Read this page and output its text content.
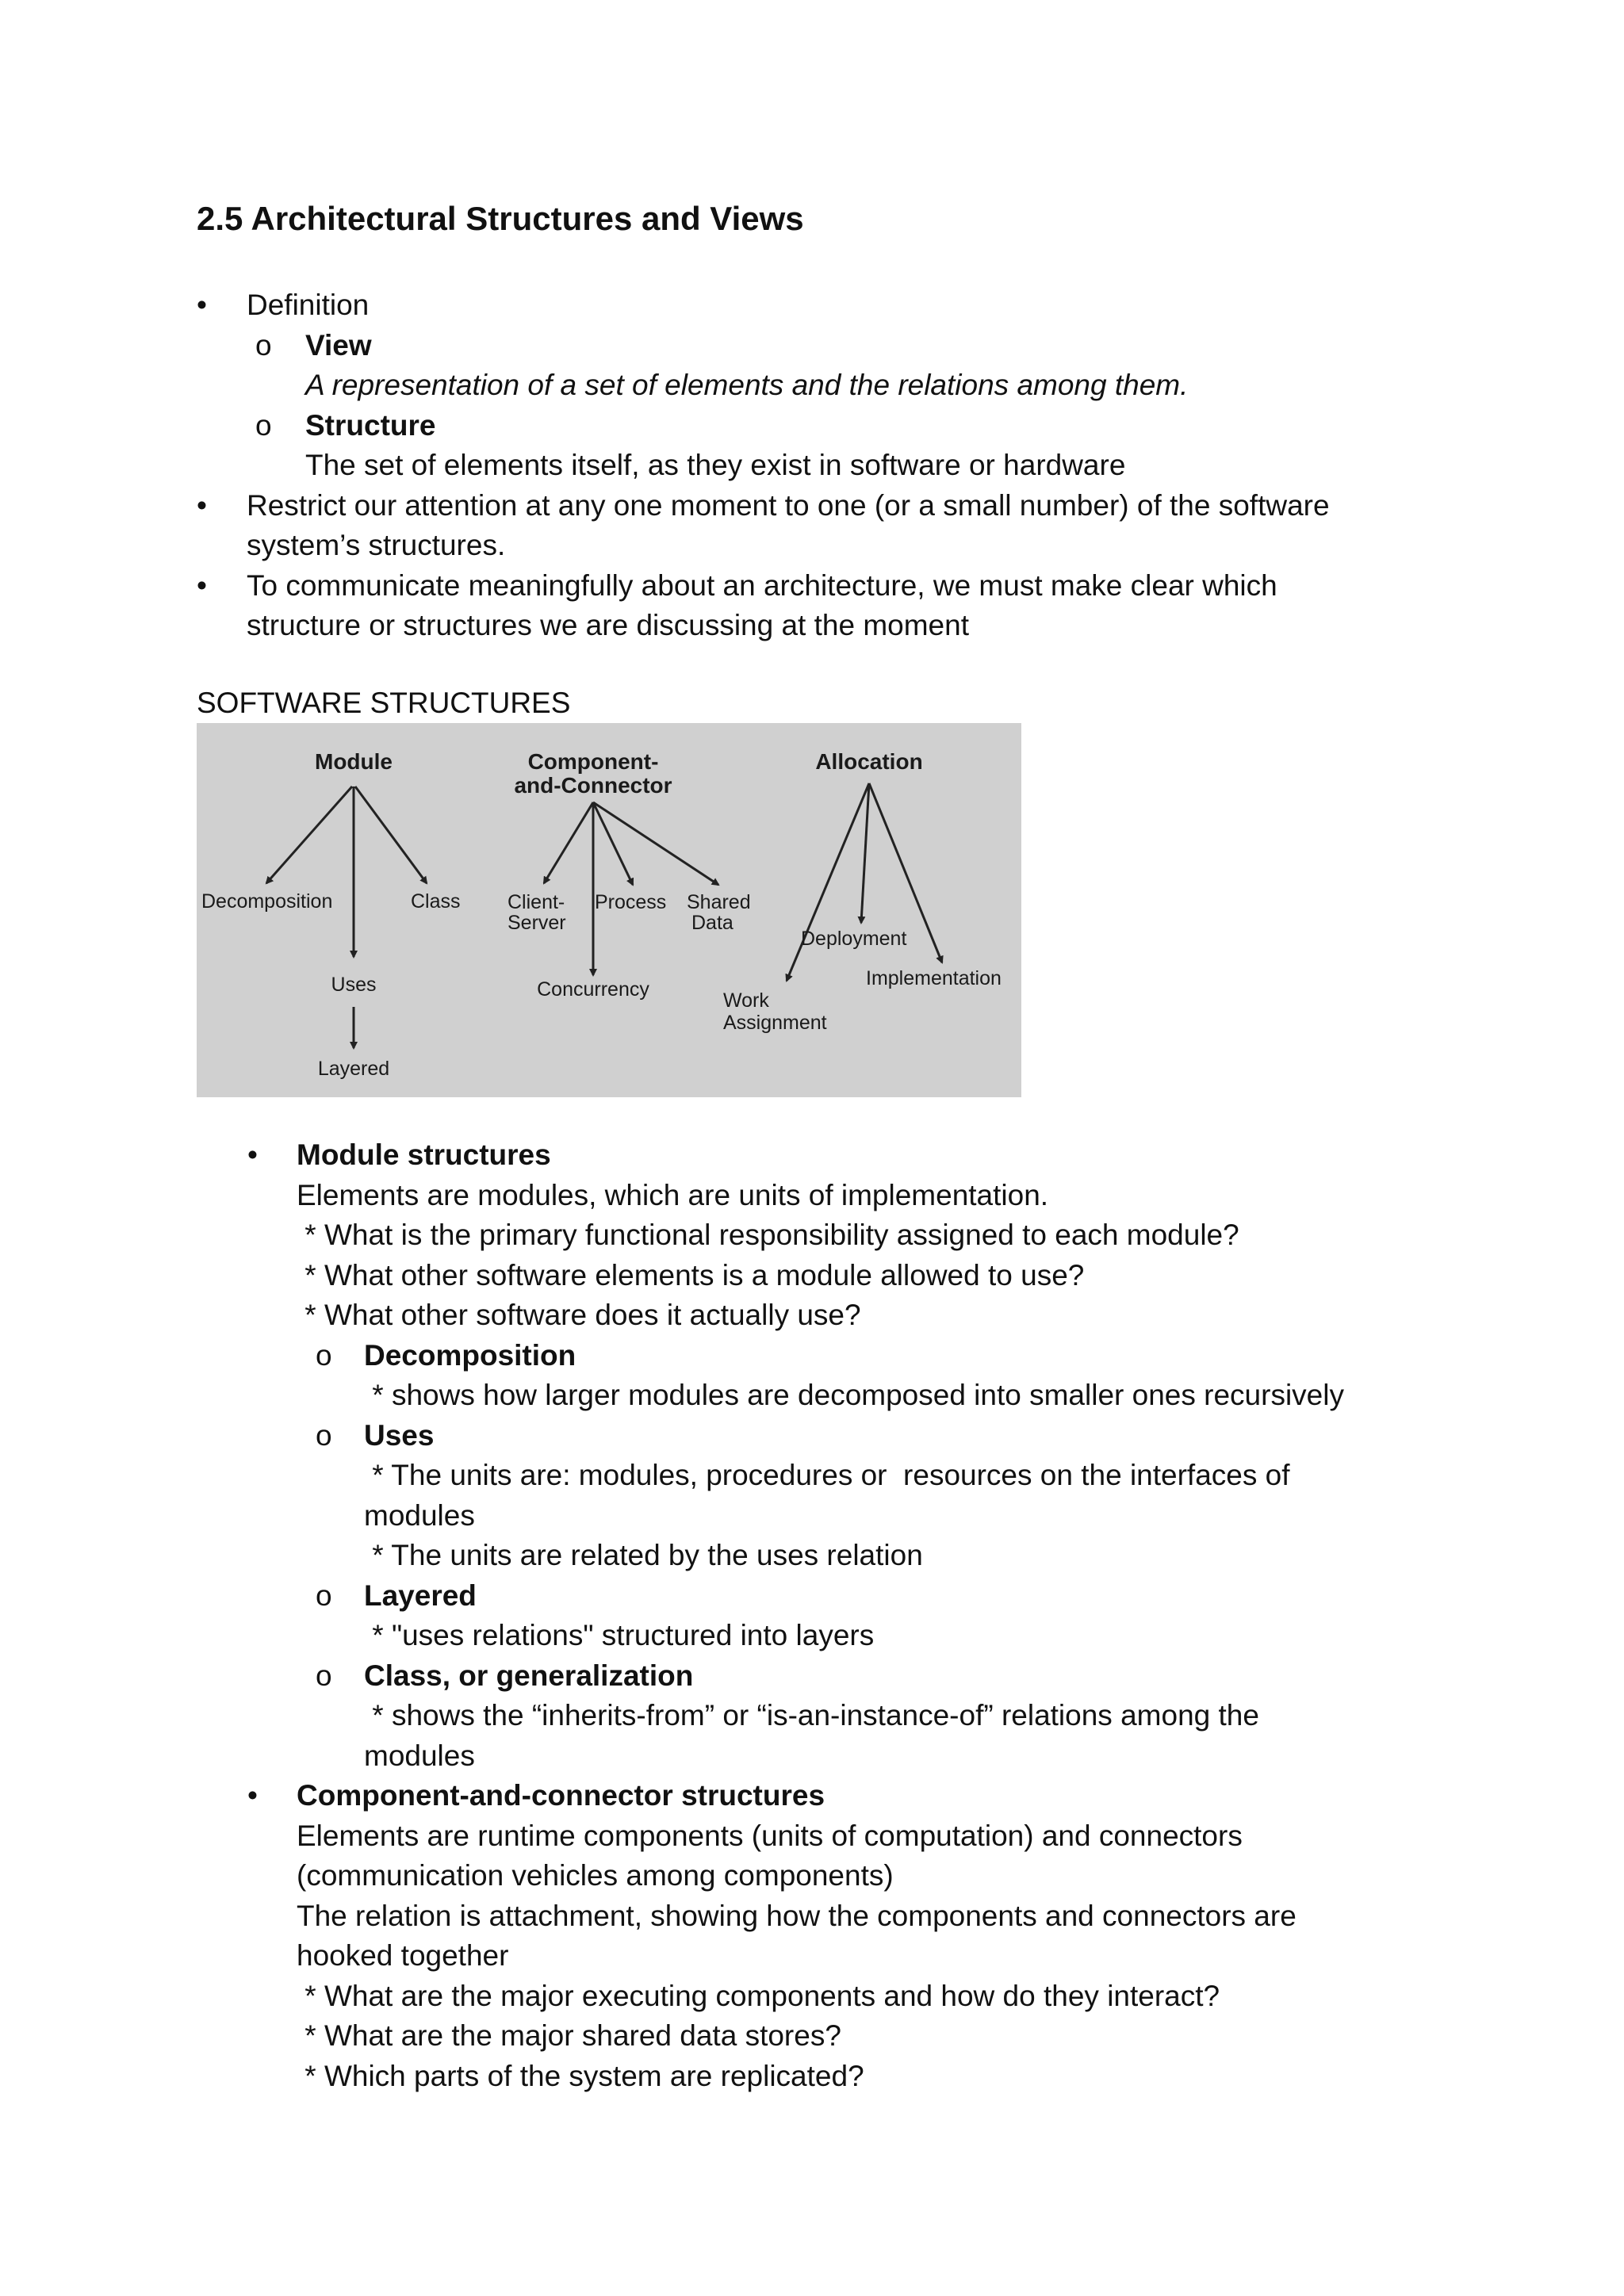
2.5 Architectural Structures and Views
• Definition
o View
A representation of a set of elements and the relations among them.
o Structure
The set of elements itself, as they exist in software or hardware
• Restrict our attention at any one moment to one (or a small number) of the software
system’s structures.
• To communicate meaningfully about an architecture, we must make clear which
structure or structures we are discussing at the moment

SOFTWARE STRUCTURES

Module	Component-
and-Connector
Allocation
Decomposition	Class
Uses
Layered
Client-
Server
Process Shared
Data
Concurrency
Deployment
Implementation
Work
Assignment
• Module structures
Elements are modules, which are units of implementation.
* What is the primary functional responsibility assigned to each module?
* What other software elements is a module allowed to use?
* What other software does it actually use?
o Decomposition
* shows how larger modules are decomposed into smaller ones recursively
o Uses
* The units are: modules, procedures or  resources on the interfaces of
modules
* The units are related by the uses relation
o Layered
* "uses relations" structured into layers
o Class, or generalization
* shows the “inherits-from” or “is-an-instance-of” relations among the
modules
• Component-and-connector structures
Elements are runtime components (units of computation) and connectors
(communication vehicles among components)
The relation is attachment, showing how the components and connectors are
hooked together
* What are the major executing components and how do they interact?
* What are the major shared data stores?
* Which parts of the system are replicated?
